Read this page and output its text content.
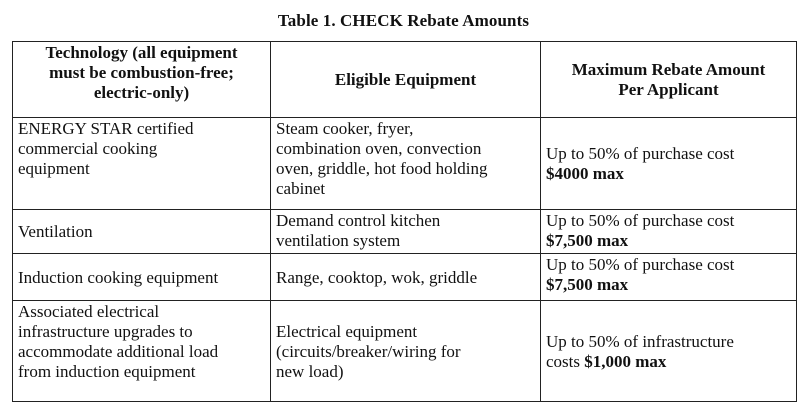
Table 1. CHECK Rebate Amounts
Technology (all equipment
must be combustion-free;
electric-only)	Eligible Equipment	Maximum Rebate Amount
Per Applicant

ENERGY STAR certified
commercial cooking
equipment	Steam cooker, fryer,
combination oven, convection
oven, griddle, hot food holding
cabinet	Up to 50% of purchase cost
$4000 max

Ventilation	Demand control kitchen
ventilation system	Up to 50% of purchase cost
$7,500 max

Induction cooking equipment	Range, cooktop, wok, griddle	Up to 50% of purchase cost
$7,500 max

Associated electrical
infrastructure upgrades to
accommodate additional load
from induction equipment	Electrical equipment
(circuits/breaker/wiring for
new load)	Up to 50% of infrastructure
costs $1,000 max
